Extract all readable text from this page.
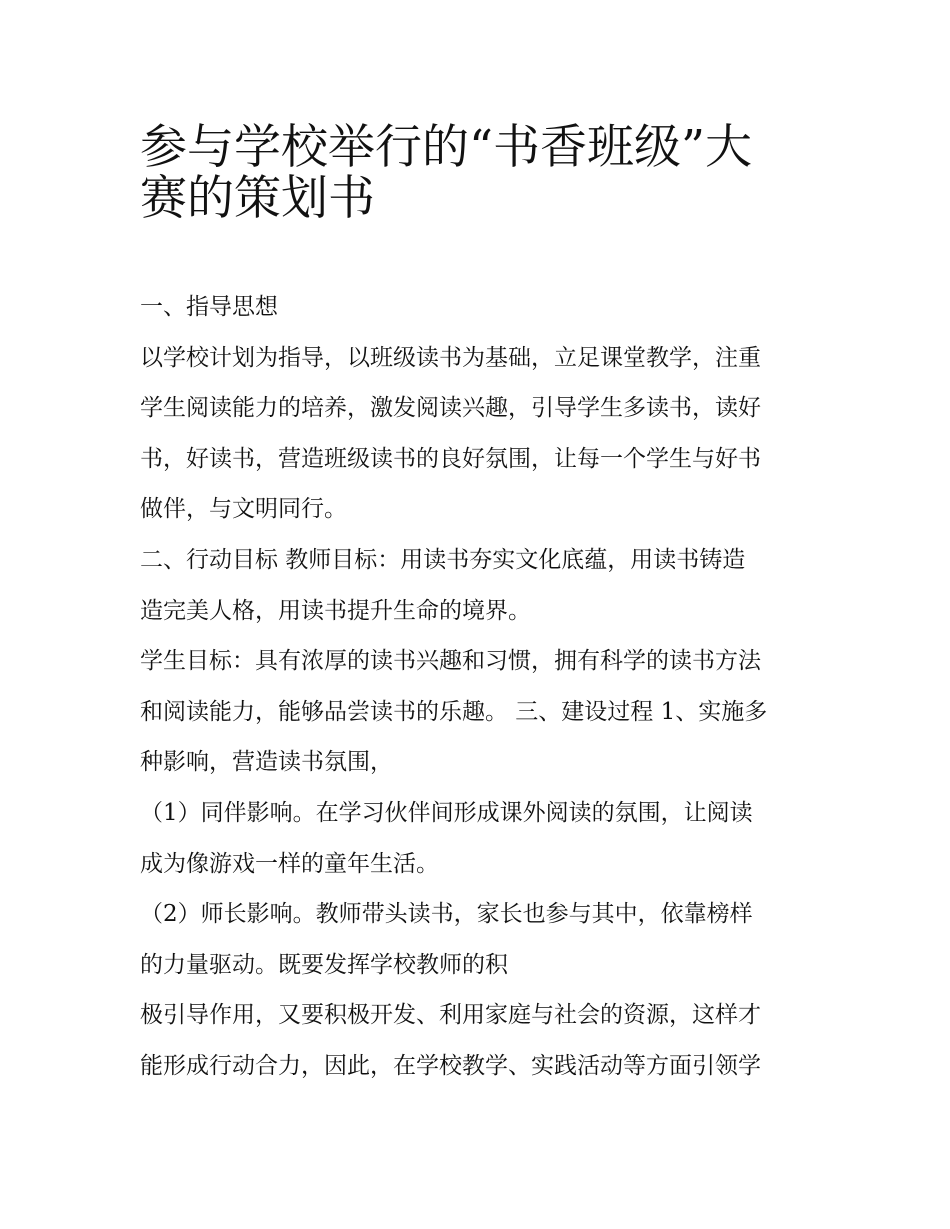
参与学校举行的“书香班级”大
赛的策划书
一、指导思想
以学校计划为指导，以班级读书为基础，立足课堂教学，注重
学生阅读能力的培养，激发阅读兴趣，引导学生多读书，读好
书，好读书，营造班级读书的良好氛围，让每一个学生与好书
做伴，与文明同行。
二、行动目标 教师目标：用读书夯实文化底蕴，用读书铸造
造完美人格，用读书提升生命的境界。
学生目标：具有浓厚的读书兴趣和习惯，拥有科学的读书方法
和阅读能力，能够品尝读书的乐趣。 三、建设过程 1、实施多
种影响，营造读书氛围，
（1）同伴影响。在学习伙伴间形成课外阅读的氛围，让阅读
成为像游戏一样的童年生活。
（2）师长影响。教师带头读书，家长也参与其中，依靠榜样
的力量驱动。既要发挥学校教师的积
极引导作用，又要积极开发、利用家庭与社会的资源，这样才
能形成行动合力，因此，在学校教学、实践活动等方面引领学
